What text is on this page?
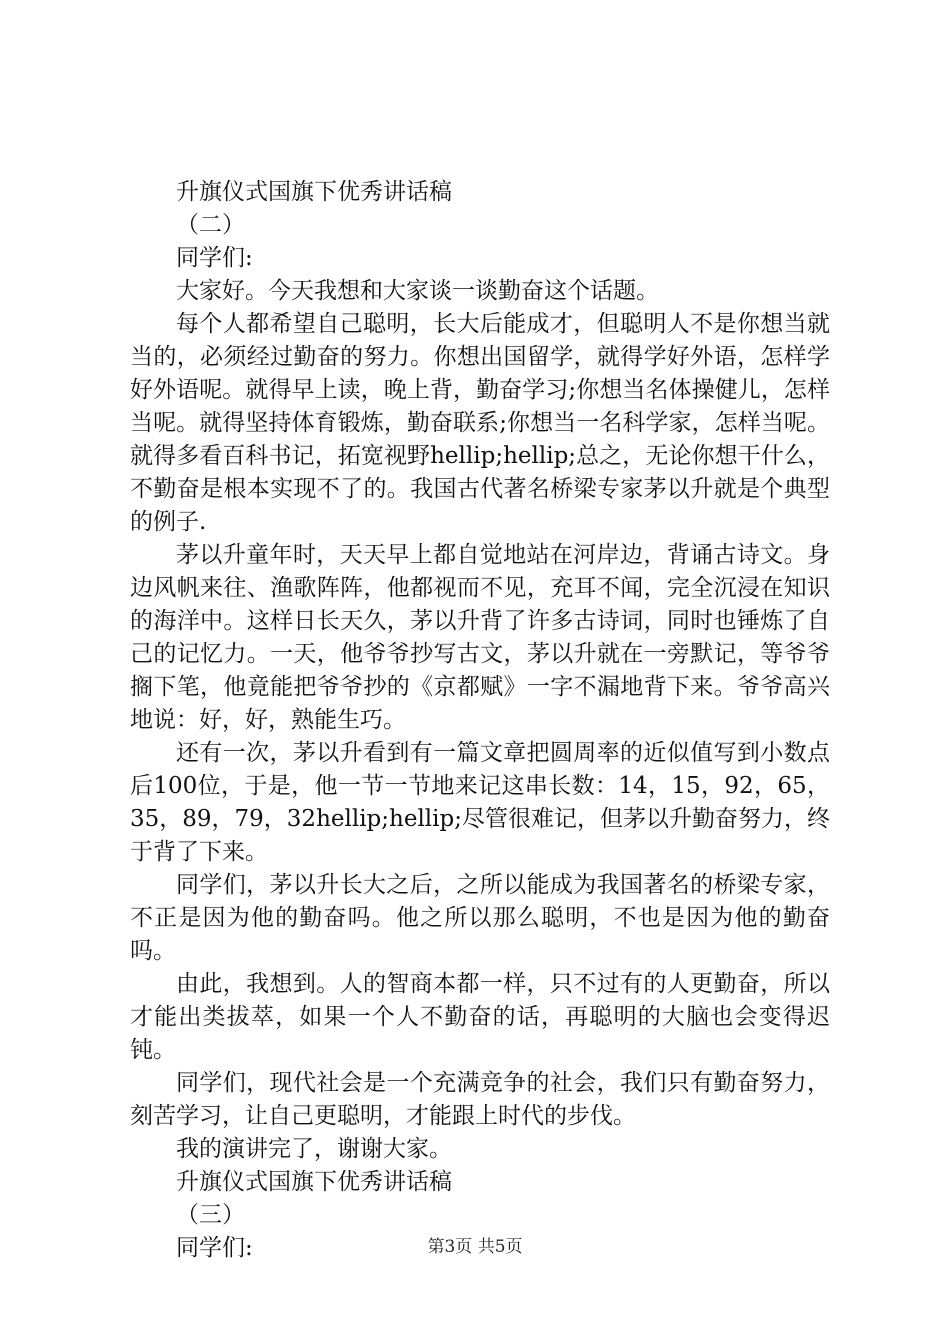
升旗仪式国旗下优秀讲话稿
（二）
同学们:
大家好。今天我想和大家谈一谈勤奋这个话题。

每个人都希望自己聪明，长大后能成才，但聪明人不是你想当就当的，必须经过勤奋的努力。你想出国留学，就得学好外语，怎样学好外语呢。就得早上读，晚上背，勤奋学习;你想当名体操健儿，怎样当呢。就得坚持体育锻炼，勤奋联系;你想当一名科学家，怎样当呢。就得多看百科书记，拓宽视野hellip;hellip;总之，无论你想干什么，不勤奋是根本实现不了的。我国古代著名桥梁专家茅以升就是个典型的例子.

茅以升童年时，天天早上都自觉地站在河岸边，背诵古诗文。身边风帆来往、渔歌阵阵，他都视而不见，充耳不闻，完全沉浸在知识的海洋中。这样日长天久，茅以升背了许多古诗词，同时也锤炼了自己的记忆力。一天，他爷爷抄写古文，茅以升就在一旁默记，等爷爷搁下笔，他竟能把爷爷抄的《京都赋》一字不漏地背下来。爷爷高兴地说：好，好，熟能生巧。

还有一次，茅以升看到有一篇文章把圆周率的近似值写到小数点后100位，于是，他一节一节地来记这串长数：14，15，92，65，35，89，79，32hellip;hellip;尽管很难记，但茅以升勤奋努力，终于背了下来。

同学们，茅以升长大之后，之所以能成为我国著名的桥梁专家，不正是因为他的勤奋吗。他之所以那么聪明，不也是因为他的勤奋吗。

由此，我想到。人的智商本都一样，只不过有的人更勤奋，所以才能出类拔萃，如果一个人不勤奋的话，再聪明的大脑也会变得迟钝。

同学们，现代社会是一个充满竞争的社会，我们只有勤奋努力，刻苦学习，让自己更聪明，才能跟上时代的步伐。

我的演讲完了，谢谢大家。
升旗仪式国旗下优秀讲话稿
（三）
同学们:	第3页 共5页
